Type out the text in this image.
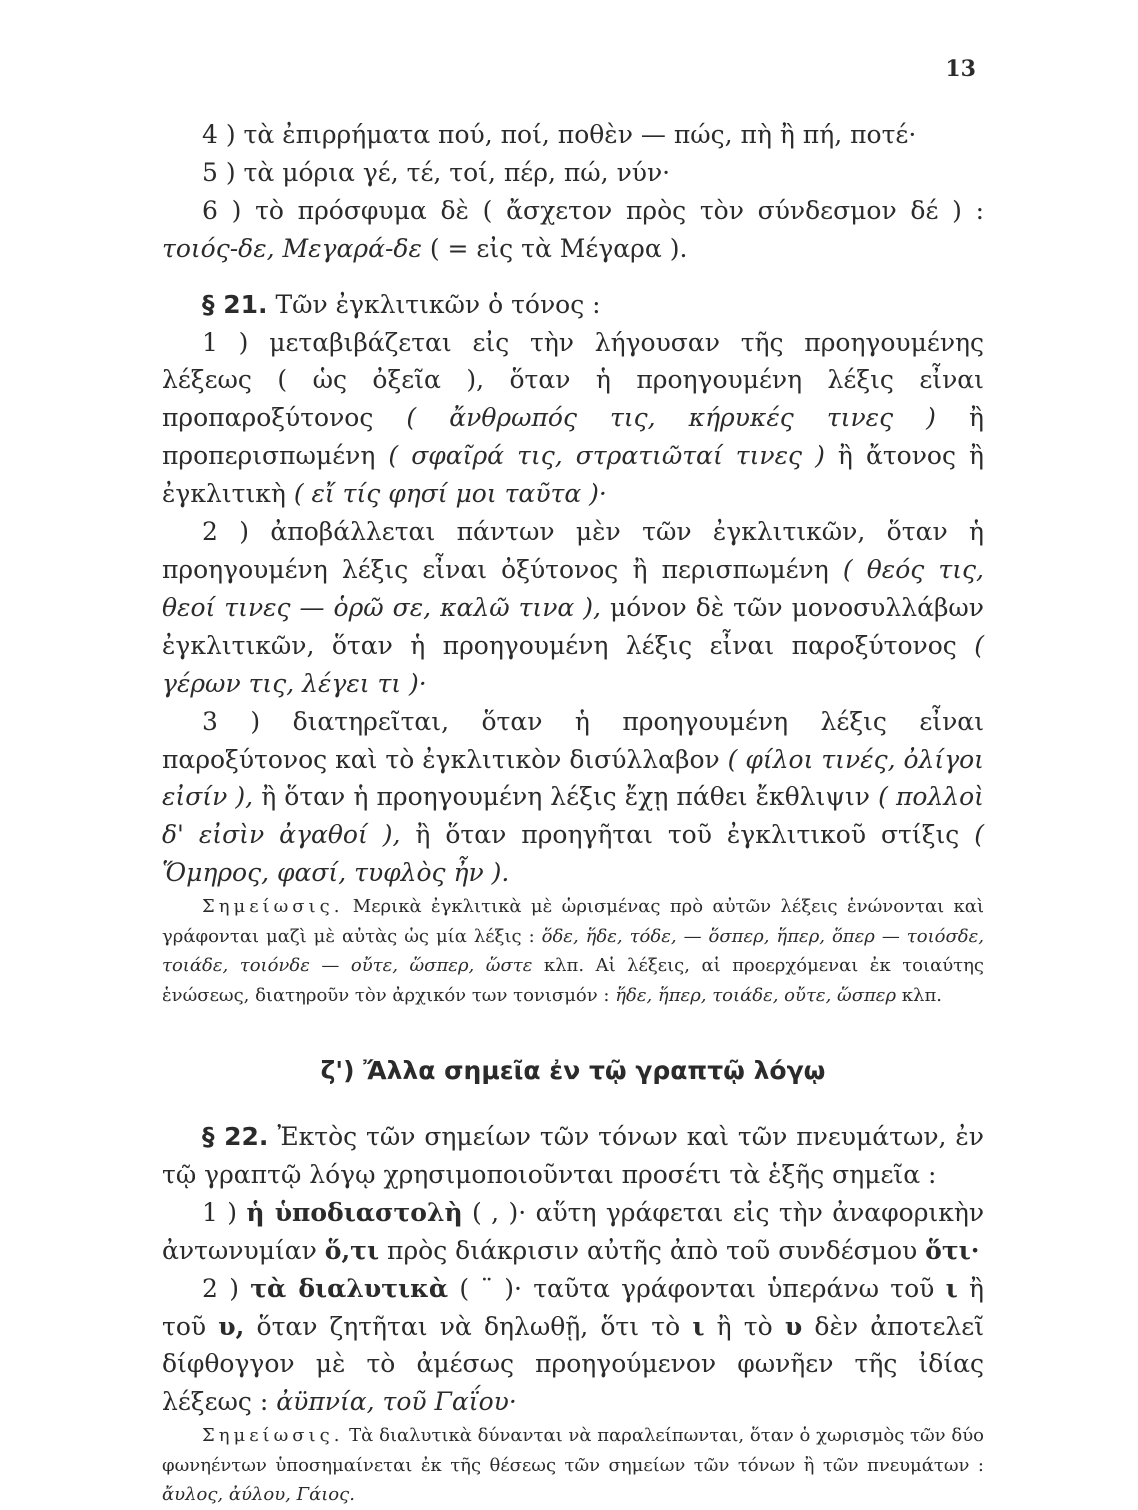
13

4 ) τὰ ἐπιρρήματα πού, ποί, ποθὲν — πώς, πὴ ἢ πή, ποτέ·

5 ) τὰ μόρια γέ, τέ, τοί, πέρ, πώ, νύν·

6 ) τὸ πρόσφυμα δὲ ( ἄσχετον πρὸς τὸν σύνδεσμον δέ ) : τοιός-δε, Μεγαρά-δε ( = εἰς τὰ Μέγαρα ).

§ 21. Τῶν ἐγκλιτικῶν ὁ τόνος :

1 ) μεταβιβάζεται εἰς τὴν λήγουσαν τῆς προηγουμένης λέξεως ( ὡς ὀξεῖα ), ὅταν ἡ προηγουμένη λέξις εἶναι προπαροξύτονος ( ἄνθρωπός τις, κήρυκές τινες ) ἢ προπερισπωμένη ( σφαῖρά τις, στρατιῶταί τινες ) ἢ ἄτονος ἢ ἐγκλιτικὴ ( εἴ τίς φησί μοι ταῦτα )·

2 ) ἀποβάλλεται πάντων μὲν τῶν ἐγκλιτικῶν, ὅταν ἡ προηγουμένη λέξις εἶναι ὀξύτονος ἢ περισπωμένη ( θεός τις, θεοί τινες — ὁρῶ σε, καλῶ τινα ), μόνον δὲ τῶν μονοσυλλάβων ἐγκλιτικῶν, ὅταν ἡ προηγουμένη λέξις εἶναι παροξύτονος ( γέρων τις, λέγει τι )·

3 ) διατηρεῖται, ὅταν ἡ προηγουμένη λέξις εἶναι παροξύτονος καὶ τὸ ἐγκλιτικὸν δισύλλαβον ( φίλοι τινές, ὀλίγοι εἰσίν ), ἢ ὅταν ἡ προηγουμένη λέξις ἔχῃ πάθει ἔκθλιψιν ( πολλοὶ δ' εἰσὶν ἀγαθοί ), ἢ ὅταν προηγῆται τοῦ ἐγκλιτικοῦ στίξις ( Ὅμηρος, φασί, τυφλὸς ἦν ).

Σημείωσις. Μερικὰ ἐγκλιτικὰ μὲ ὡρισμένας πρὸ αὐτῶν λέξεις ἑνώνονται καὶ γράφονται μαζὶ μὲ αὐτὰς ὡς μία λέξις : ὅδε, ἥδε, τόδε, — ὅσπερ, ἥπερ, ὅπερ — τοιόσδε, τοιάδε, τοιόνδε — οὔτε, ὥσπερ, ὥστε κλπ. Αἱ λέξεις, αἱ προερχόμεναι ἐκ τοιαύτης ἑνώσεως, διατηροῦν τὸν ἀρχικόν των τονισμόν : ἥδε, ἥπερ, τοιάδε, οὔτε, ὥσπερ κλπ.

ζ') Ἄλλα σημεῖα ἐν τῷ γραπτῷ λόγῳ

§ 22. Ἐκτὸς τῶν σημείων τῶν τόνων καὶ τῶν πνευμάτων, ἐν τῷ γραπτῷ λόγῳ χρησιμοποιοῦνται προσέτι τὰ ἑξῆς σημεῖα :

1 ) ἡ ὑποδιαστολὴ ( , )· αὕτη γράφεται εἰς τὴν ἀναφορικὴν ἀντωνυμίαν ὅ,τι πρὸς διάκρισιν αὐτῆς ἀπὸ τοῦ συνδέσμου ὅτι·

2 ) τὰ διαλυτικὰ ( ¨ )· ταῦτα γράφονται ὑπεράνω τοῦ ι ἢ τοῦ υ, ὅταν ζητῆται νὰ δηλωθῇ, ὅτι τὸ ι ἢ τὸ υ δὲν ἀποτελεῖ δίφθογγον μὲ τὸ ἀμέσως προηγούμενον φωνῆεν τῆς ἰδίας λέξεως : ἀϋπνία, τοῦ Γαΐου·

Σημείωσις. Τὰ διαλυτικὰ δύνανται νὰ παραλείπωνται, ὅταν ὁ χωρισμὸς τῶν δύο φωνηέντων ὑποσημαίνεται ἐκ τῆς θέσεως τῶν σημείων τῶν τόνων ἢ τῶν πνευμάτων : ἄυλος, ἀύλου, Γάιος.
